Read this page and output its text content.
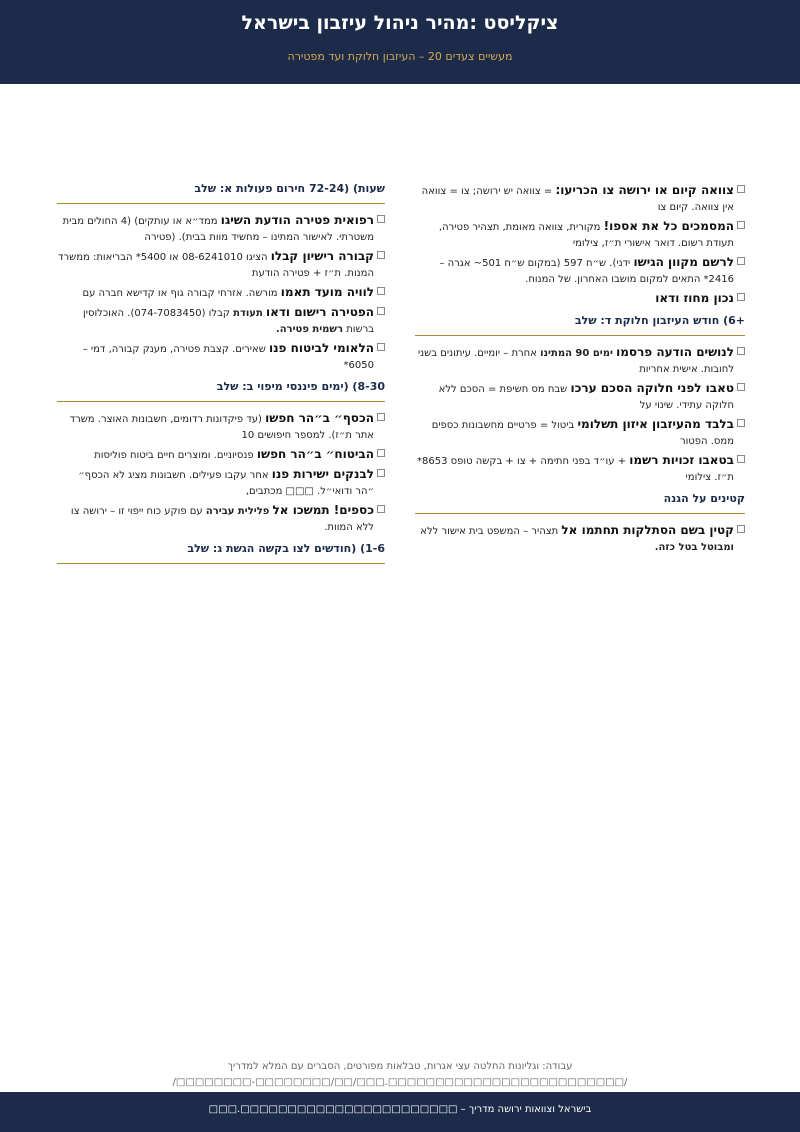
ציקליסט :מהיר ניהול עיזבון בישראל
מעשיים צעדים 20 – העיזבון חלוקת ועד מפטירה
צוואה קיום או ירושה צו הכריעו: = צוואה יש ירושה; צו = צוואה אין צוואה. קיום צו
המסמכים כל את אספו! מקורית, צוואה מאומת, תצהיר פטירה, תעודת רשום. דואר אישורי ת״ז, צילומי
לרשם מקוון הגישו ידני). ש״ח 597 (במקום ש״ח 501~ אגרה – 2416* התאים למקום מושבו האחרון. של המנוח.
נכון מחוז ודאו
+6) חודש העיזבון חלוקת ד: שלב
לנושים הודעה פרסמו ימים 90 המתינו אחרת – יומיים. עיתונים בשני לחובות. אישית אחריות
טאבו לפני חלוקה הסכם ערכו שבח מס חשיפת = הסכם ללא חלוקה עתידי. שינוי על
בלבד מהעיזבון איזון תשלומי ביטול = פרטיים מחשבונות כספים ממס. הפטור
בטאבו זכויות רשמו + עו״ד בפני חתימה + צו + בקשה טופס 8653* ת״ז. צילומי
קטינים על הגנה
קטין בשם הסתלקות תחתמו אל תצהיר – המשפט בית אישור ללא ומבוטל בטל כזה.
שעות) (24‑72 חירום פעולות א: שלב
רפואית פטירה הודעת השיגו ממד״א או עותקים) (4 החולים מבית משטרתי. לאישור המתינו – מחשיד מוות בבית). (פטירה
קבורה רישיון קבלו הציגו 08-6241010 או 5400* הבריאות: ממשרד המנות. ת״ז + פטירה הודעת
לוויה מועד תאמו מורשה. אזרחי קבורה גוף או קדישא חברה עם
הפטירה רישום ודאו תעודת קבלו (074-7083450). האוכלוסין ברשות רשמית פטירה.
הלאומי לביטוח פנו שאירים. קצבת פטירה, מענק קבורה, דמי – 6050*
30‑8) (ימים פיננסי מיפוי ב: שלב
הכסף״ ב״הר חפשו (עד פיקדונות רדומים, חשבונות האוצר. משרד אתר ת״ז). למספר חיפושים 10
הביטוח״ ב״הר חפשו פנסיוניים. ומוצרים חיים ביטוח פוליסות
לבנקים ישירות פנו אחר עקבו פעילים. חשבונות מציג לא הכסף״ ״הר ודואי״ל. □□□ מכתבים,
כספים! תמשכו אל פלילית עבירה עם פוקע כוח ייפוי זו – ירושה צו ללא המוות.
6‑1) (חודשים לצו בקשה הגשת ג: שלב
עבודה: וגליונות החלטה עצי אגרות, טבלאות מפורטים, הסברים עם המלא למדריך
/□□□□□□□□□□□□□□□□□□□□□□□□□.□□□/□□/□□□□□□□□‑□□□□□□□□/
בישראל וצוואות ירושה מדריך – □□□□□□□□□□□□□□□□□□□□□□□.□□□
